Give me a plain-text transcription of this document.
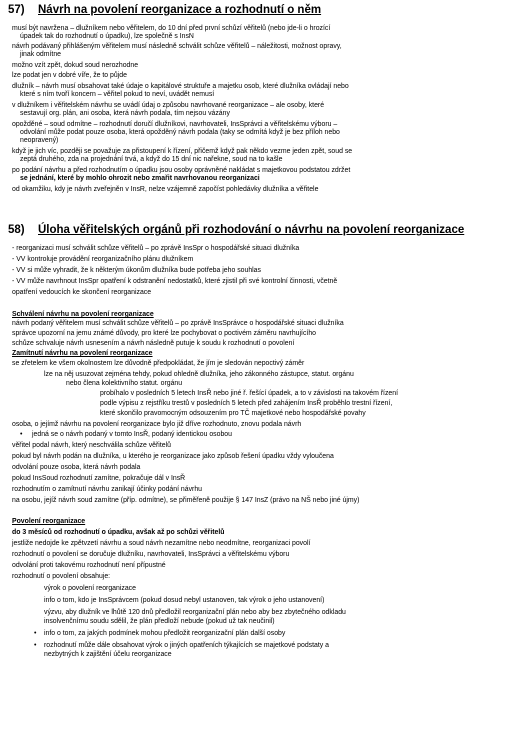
57) Návrh na povolení reorganizace a rozhodnutí o něm
musí být navržena – dlužníkem nebo věřitelem, do 10 dní před první schůzí věřitelů (nebo jde-li o hrozící
úpadek tak do rozhodnutí o úpadku), lze společně s InsN
návrh podávaný přihlášeným věřitelem musí následně schválit schůze věřitelů – náležitosti, možnost opravy,
jinak odmítne
možno vzít zpět, dokud soud nerozhodne
lze podat jen v dobré víře, že to půjde
dlužník – návrh musí obsahovat také údaje o kapitálové struktuře a majetku osob, které dlužníka ovládají nebo
které s ním tvoří koncern – věřitel pokud to neví, uvádět nemusí
v dlužníkem i věřitelském návrhu se uvádí údaj o způsobu navrhované reorganizace – ale osoby, které
sestavují org. plán, ani osoba, která návrh podala, tím nejsou vázány
opožděné – soud odmítne – rozhodnutí doručí dlužníkovi, navrhovateli, InsSprávci a věřitelskému výboru –
odvolání může podat pouze osoba, která opožděný návrh podala (taky se odmítá když je bez příloh nebo
neopravený)
když je jich víc, později se považuje za přistoupení k řízení, přičemž když pak někdo vezme jeden zpět, soud se
zeptá druhého, zda na projednání trvá, a když do 15 dní nic nařekne, soud na to kašle
po podání návrhu a před rozhodnutím o úpadku jsou osoby oprávněné nakládat s majetkovou podstatou zdržet
se jednání, které by mohlo ohrozit nebo zmařit navrhovanou reorganizaci
od okamžiku, kdy je návrh zveřejněn v InsR, nelze vzájemně započíst pohledávky dlužníka a věřitele
58) Úloha věřitelských orgánů při rozhodování o návrhu na povolení reorganizace
- reorganizaci musí schválit schůze věřitelů – po zprávě InsSpr o hospodářské situaci dlužníka
- VV kontroluje provádění reorganizačního plánu dlužníkem
- VV si může vyhradit, že k některým úkonům dlužníka bude potřeba jeho souhlas
- VV může navrhnout InsSpr opatření k odstranění nedostatků, které zjistil při své kontrolní činnosti, včetně
opatření vedoucích ke skončení reorganizace
Schválení návrhu na povolení reorganizace
návrh podaný věřitelem musí schválit schůze věřitelů – po zprávě InsSprávce o hospodářské situaci dlužníka
správce upozorní na jemu známé důvody, pro které lze pochybovat o poctivém záměru navrhujícího
schůze schvaluje návrh usnesením a návrh následně putuje k soudu k rozhodnutí o povolení
Zamítnutí návrhu na povolení reorganizace
se zřetelem ke všem okolnostem lze důvodně předpokládat, že jím je sledován nepoctivý záměr
lze na něj usuzovat zejména tehdy, pokud ohledně dlužníka, jeho zákonného zástupce, statut. orgánu
nebo člena kolektivního statut. orgánu
probíhalo v posledních 5 letech InsŘ nebo jiné ř. řešící úpadek, a to v závislosti na takovém řízení
podle výpisu z rejstříku trestů v posledních 5 letech před zahájením InsŘ proběhlo trestní řízení,
které skončilo pravomocným odsouzením pro TČ majetkové nebo hospodářské povahy
osoba, o jejímž návrhu na povolení reorganizace bylo již dříve rozhodnuto, znovu podala návrh
• jedná se o návrh podaný v tomto InsŘ, podaný identickou osobou
věřitel podal návrh, který neschválila schůze věřitelů
pokud byl návrh podán na dlužníka, u kterého je reorganizace jako způsob řešení úpadku vždy vyloučena
odvolání pouze osoba, která návrh podala
pokud InsSoud rozhodnutí zamítne, pokračuje dál v InsŘ
rozhodnutím o zamítnutí návrhu zanikají účinky podání návrhu
na osobu, jejíž návrh soud zamítne (příp. odmítne), se přiměřeně použije § 147 InsZ (právo na NŠ nebo jiné újmy)
Povolení reorganizace
do 3 měsíců od rozhodnutí o úpadku, avšak až po schůzi věřitelů
jestliže nedojde ke zpětvzetí návrhu a soud návrh nezamítne nebo neodmítne, reorganizaci povolí
rozhodnutí o povolení se doručuje dlužníku, navrhovateli, InsSprávci a věřitelskému výboru
odvolání proti takovému rozhodnutí není přípustné
rozhodnutí o povolení obsahuje:
výrok o povolení reorganizace
info o tom, kdo je InsSprávcem (pokud dosud nebyl ustanoven, tak výrok o jeho ustanovení)
výzvu, aby dlužník ve lhůtě 120 dnů předložil reorganizační plán nebo aby bez zbytečného odkladu
insolvenčnímu soudu sdělil, že plán předloží nebude (pokud už tak neučinil)
• info o tom, za jakých podmínek mohou předložit reorganizační plán další osoby
• rozhodnutí může dále obsahovat výrok o jiných opatřeních týkajících se majetkové podstaty a
nezbytných k zajištění účelu reorganizace
